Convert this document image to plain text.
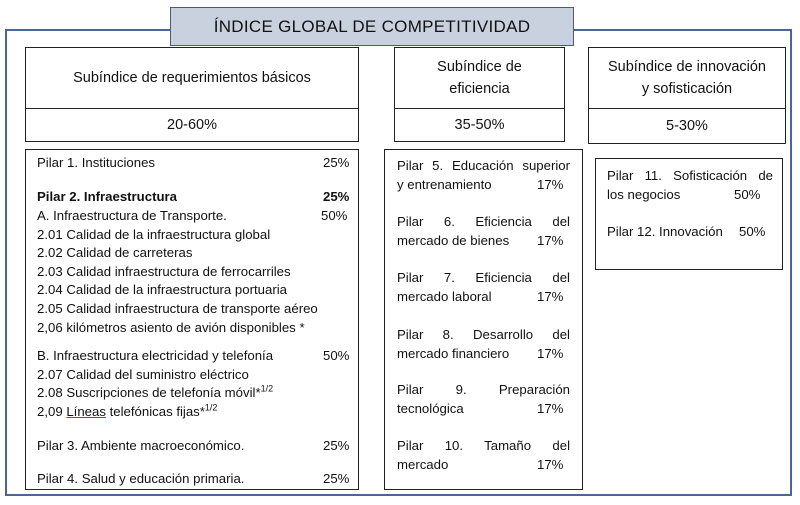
ÍNDICE GLOBAL DE COMPETITIVIDAD
Subíndice de requerimientos básicos
20-60%
Pilar 1. Instituciones	25%
Pilar 2. Infraestructura	25%
A. Infraestructura de Transporte.	50%
2.01 Calidad de la infraestructura global
2.02 Calidad de carreteras
2.03 Calidad infraestructura de ferrocarriles
2.04 Calidad de la infraestructura portuaria
2.05 Calidad infraestructura de transporte aéreo
2,06 kilómetros asiento de avión disponibles *
B. Infraestructura electricidad y telefonía	50%
2.07 Calidad del suministro eléctrico
2.08 Suscripciones de telefonía móvil*$^{1/2}$
2,09 Líneas telefónicas fijas*$^{1/2}$
Pilar 3. Ambiente macroeconómico.	25%
Pilar 4. Salud y educación primaria.	25%
Subíndice de
eficiencia
35-50%
Pilar 5. Educación superior
y entrenamiento	17%
Pilar 6. Eficiencia del
mercado de bienes 17%
Pilar 7. Eficiencia del
mercado laboral	17%
Pilar 8. Desarrollo del
mercado financiero 17%
Pilar 9. Preparación
tecnológica	17%
Pilar 10. Tamaño del
mercado	17%
Subíndice de innovación
y sofisticación
5-30%
Pilar 11. Sofisticación de
los negocios	50%
Pilar 12. Innovación 50%
